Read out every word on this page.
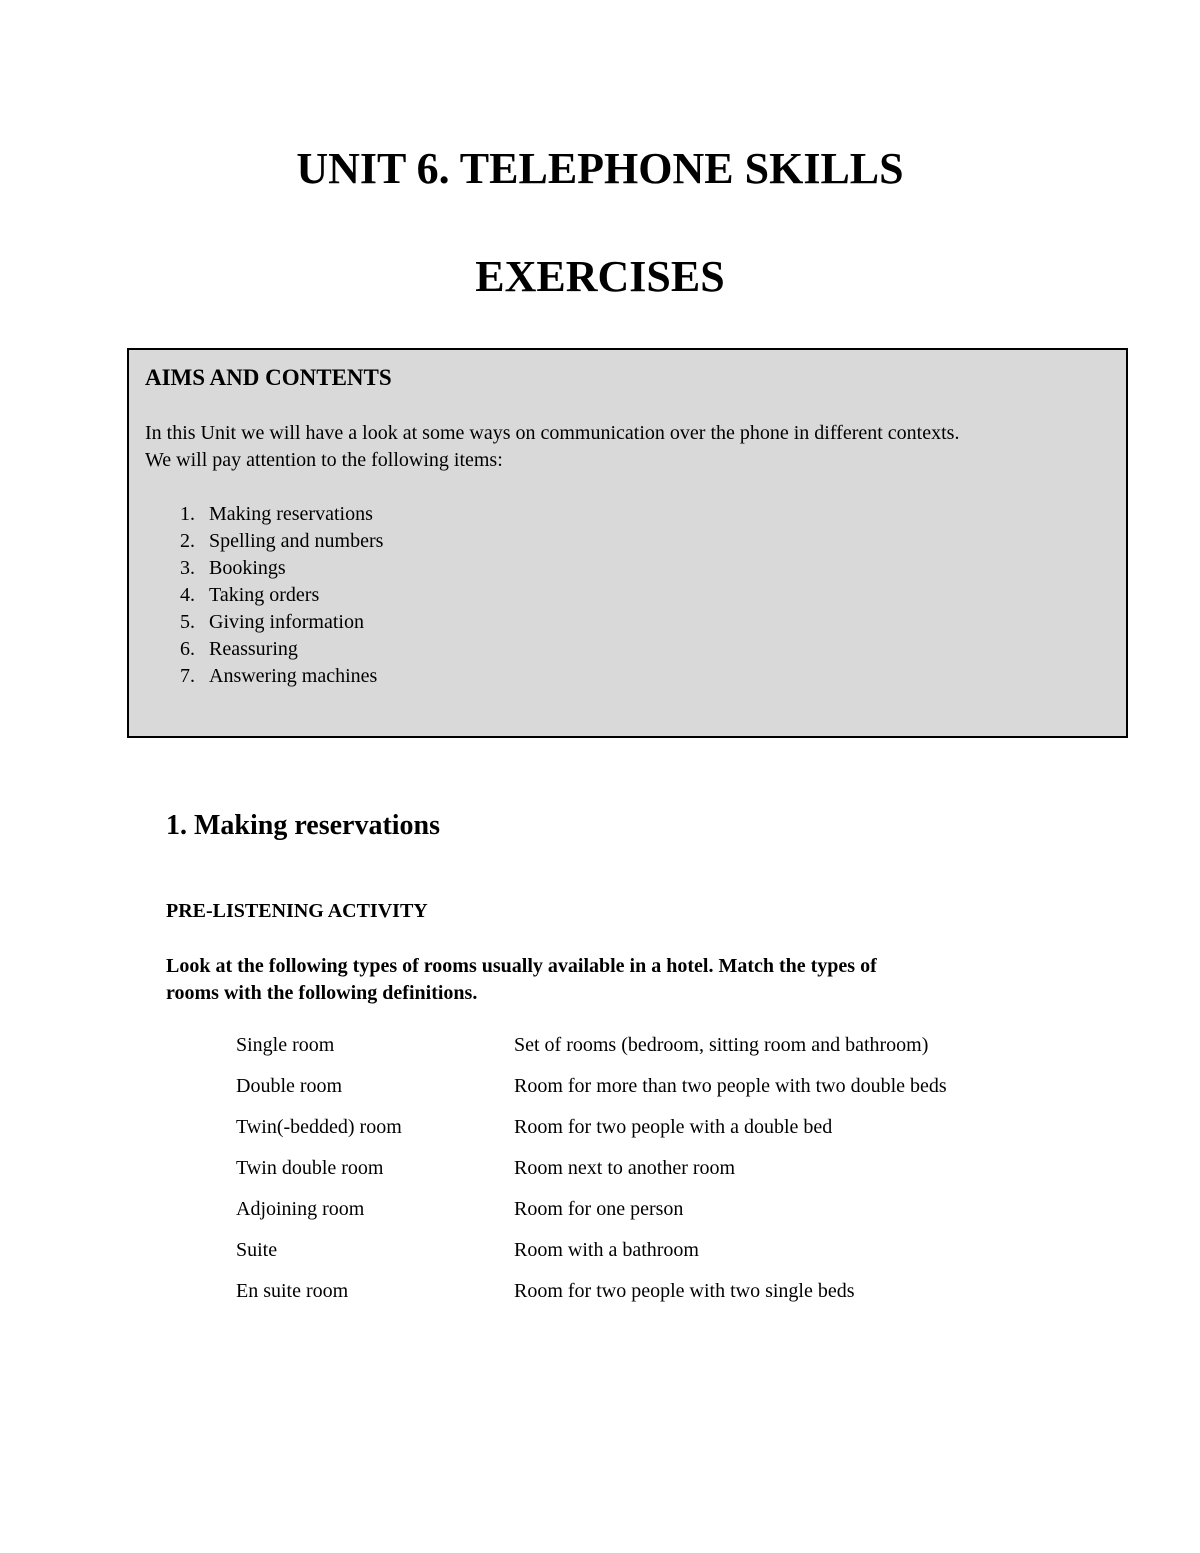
UNIT 6. TELEPHONE SKILLS
EXERCISES

AIMS AND CONTENTS

In this Unit we will have a look at some ways on communication over the phone in different contexts.
We will pay attention to the following items:

1. Making reservations
2. Spelling and numbers
3. Bookings
4. Taking orders
5. Giving information
6. Reassuring
7. Answering machines
1. Making reservations
PRE-LISTENING ACTIVITY

Look at the following types of rooms usually available in a hotel. Match the types of
rooms with the following definitions.

Single room	Set of rooms (bedroom, sitting room and bathroom)
Double room	Room for more than two people with two double beds
Twin(-bedded) room	Room for two people with a double bed
Twin double room	Room next to another room
Adjoining room	Room for one person
Suite	Room with a bathroom
En suite room	Room for two people with two single beds
